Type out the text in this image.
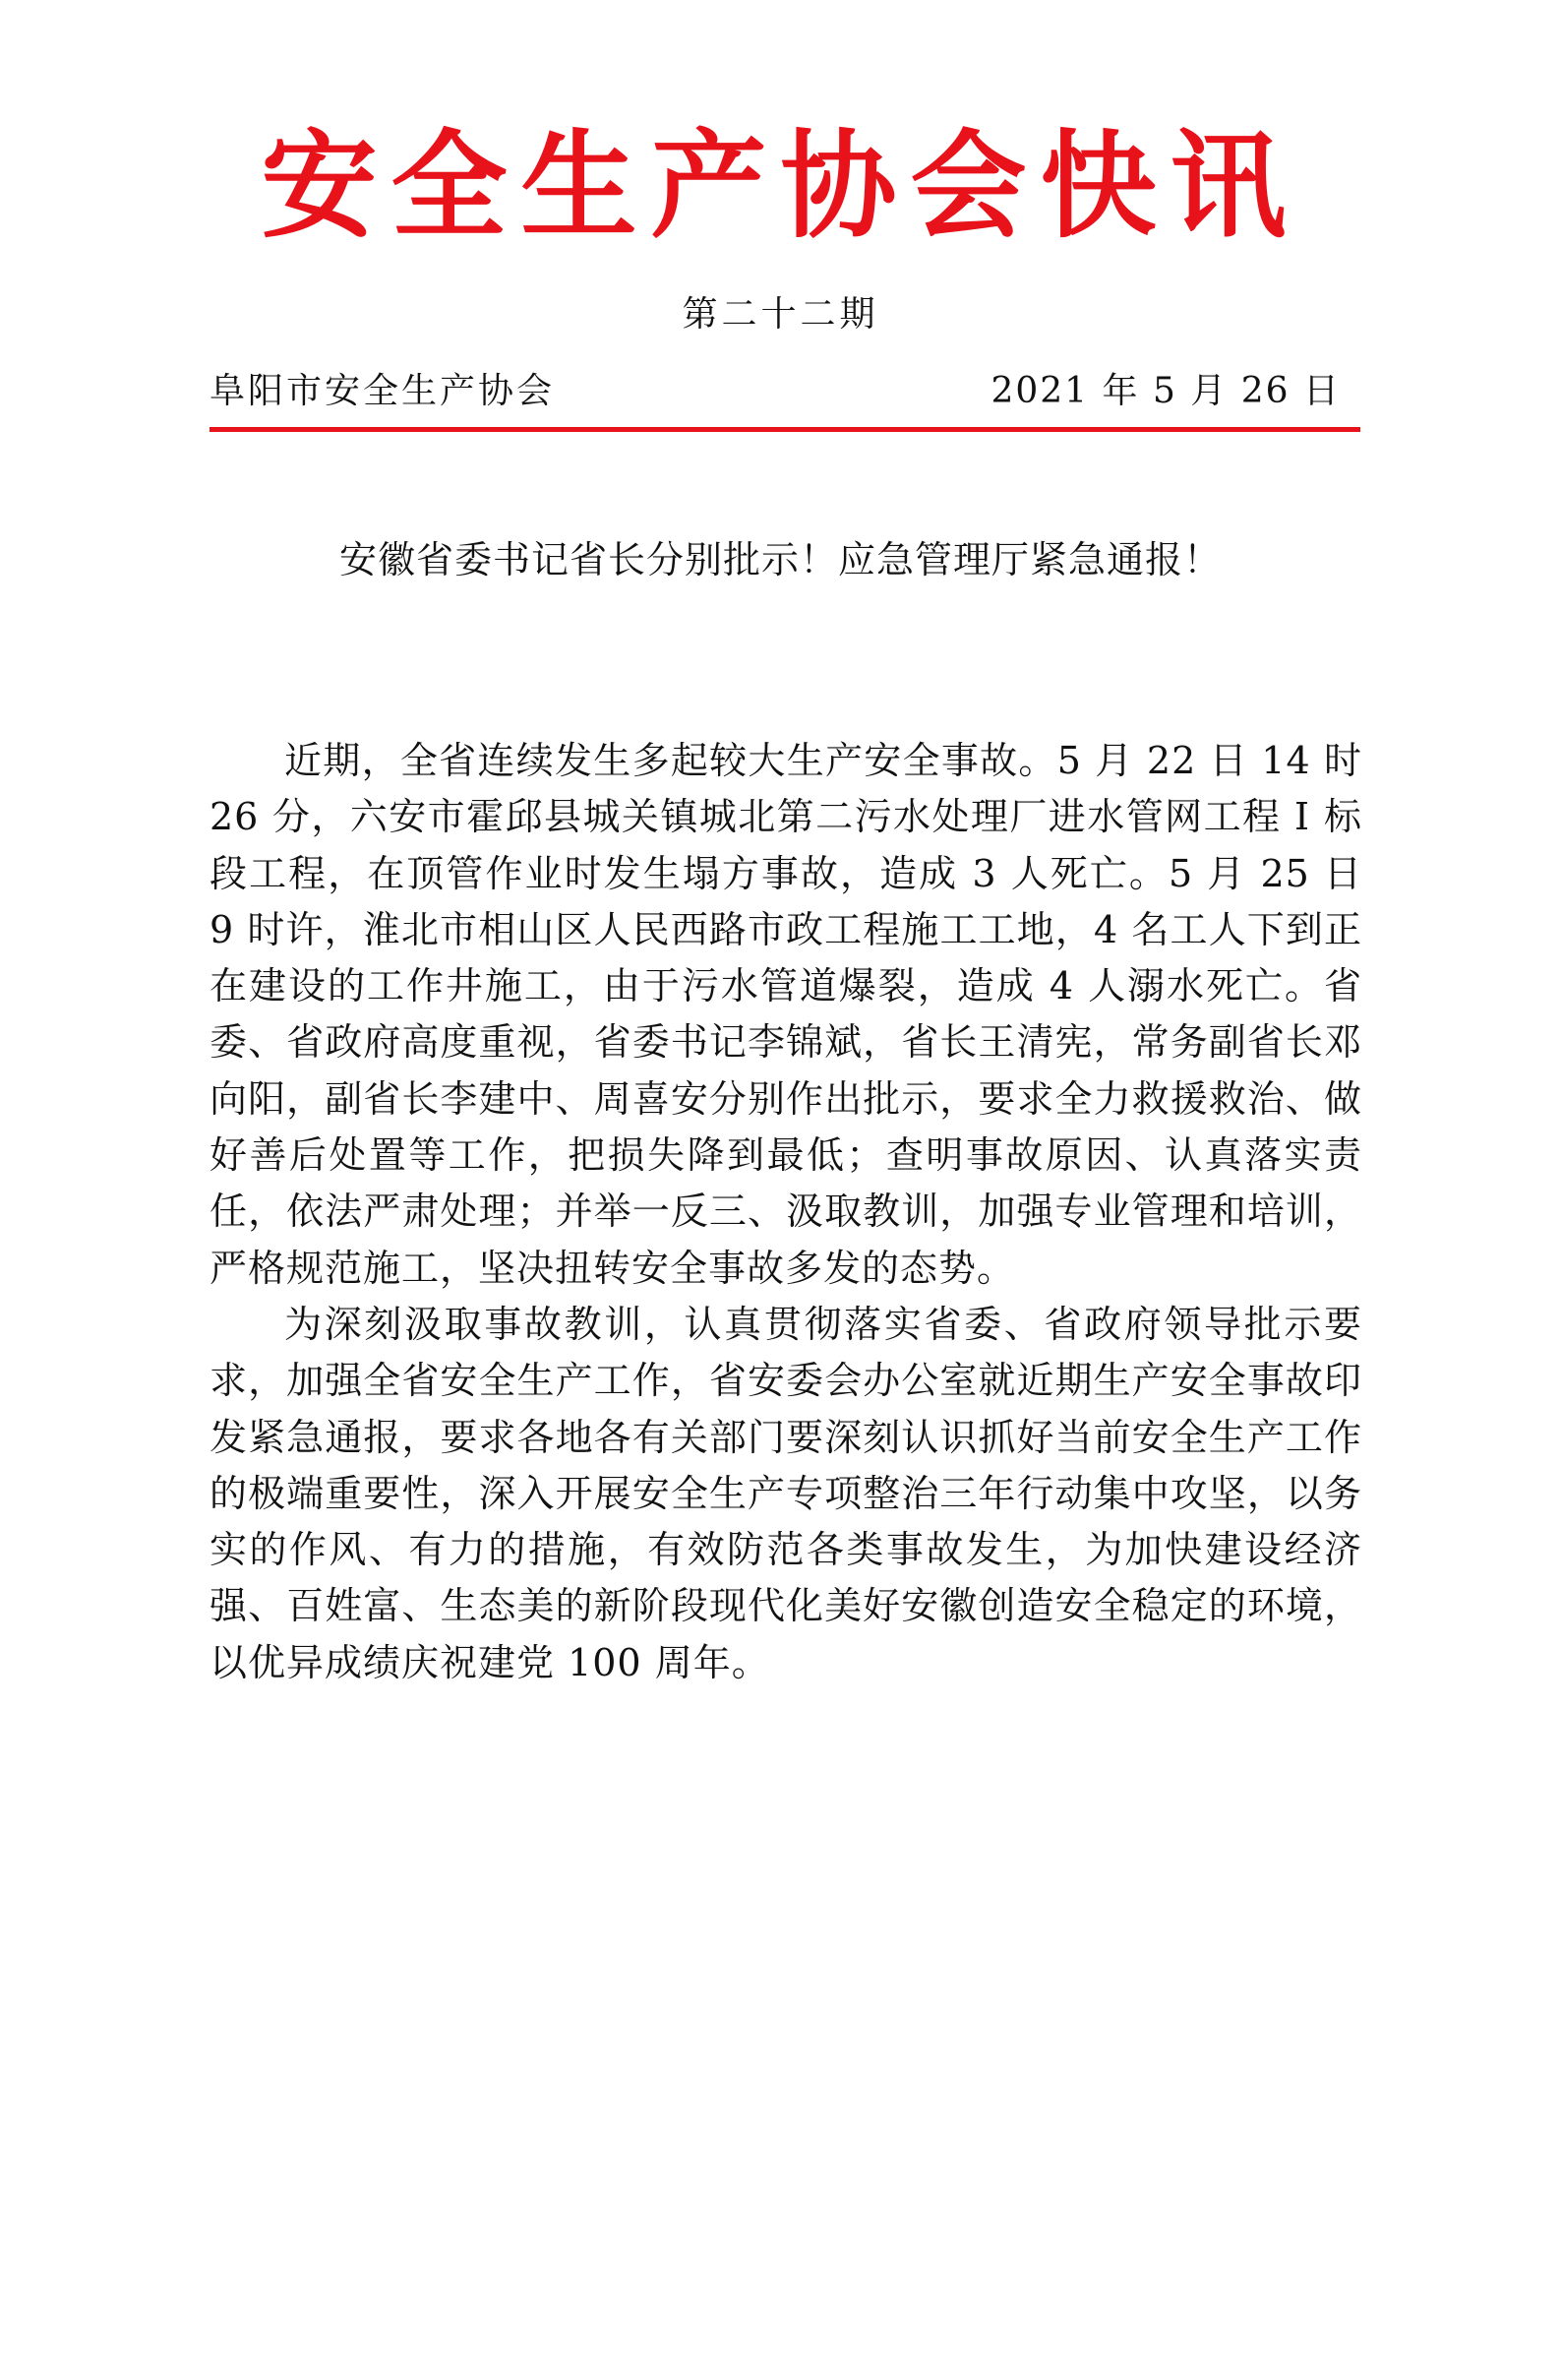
安全生产协会快讯
第二十二期
阜阳市安全生产协会	2021 年 5 月 26 日
安徽省委书记省长分别批示！应急管理厅紧急通报！

近期，全省连续发生多起较大生产安全事故。5 月 22 日 14 时 26 分，六安市霍邱县城关镇城北第二污水处理厂进水管网工程 Ⅰ 标段工程，在顶管作业时发生塌方事故，造成 3 人死亡。5 月 25 日 9 时许，淮北市相山区人民西路市政工程施工工地，4 名工人下到正在建设的工作井施工，由于污水管道爆裂，造成 4 人溺水死亡。省委、省政府高度重视，省委书记李锦斌，省长王清宪，常务副省长邓向阳，副省长李建中、周喜安分别作出批示，要求全力救援救治、做好善后处置等工作，把损失降到最低；查明事故原因、认真落实责任，依法严肃处理；并举一反三、汲取教训，加强专业管理和培训，严格规范施工，坚决扭转安全事故多发的态势。

为深刻汲取事故教训，认真贯彻落实省委、省政府领导批示要求，加强全省安全生产工作，省安委会办公室就近期生产安全事故印发紧急通报，要求各地各有关部门要深刻认识抓好当前安全生产工作的极端重要性，深入开展安全生产专项整治三年行动集中攻坚，以务实的作风、有力的措施，有效防范各类事故发生，为加快建设经济强、百姓富、生态美的新阶段现代化美好安徽创造安全稳定的环境，以优异成绩庆祝建党 100 周年。
